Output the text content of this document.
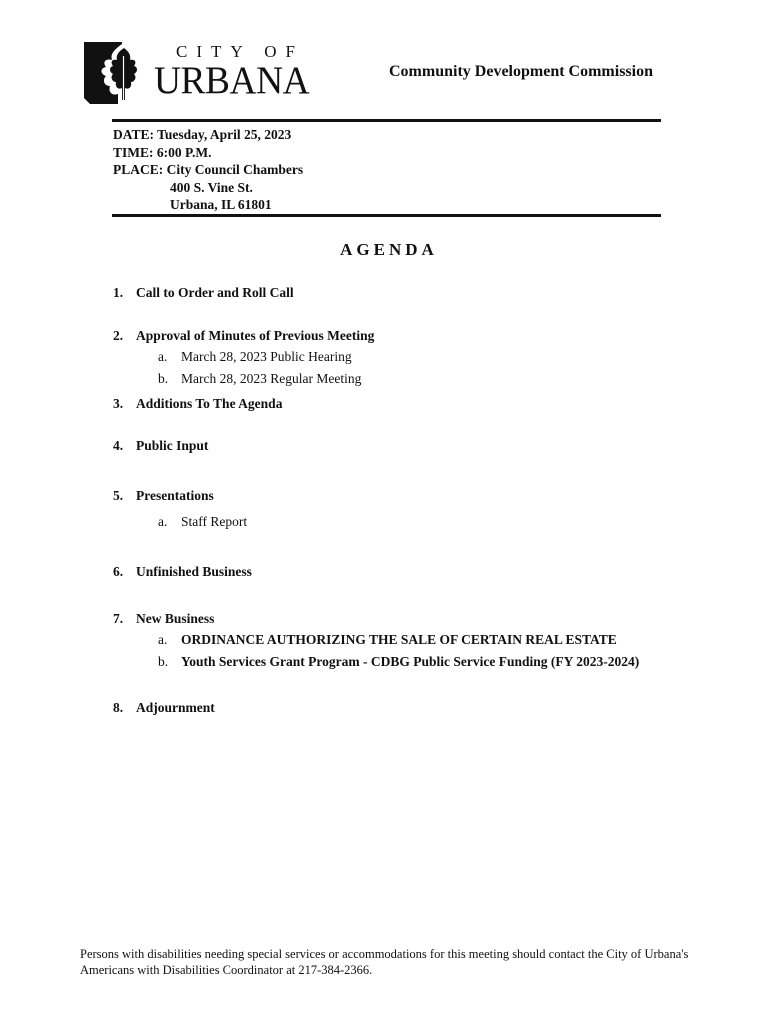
CITY OF
URBANA	Community Development Commission
DATE: Tuesday, April 25, 2023
TIME: 6:00 P.M.
PLACE: City Council Chambers
400 S. Vine St.
Urbana, IL 61801
AGENDA
1. Call to Order and Roll Call
2. Approval of Minutes of Previous Meeting
a. March 28, 2023 Public Hearing
b. March 28, 2023 Regular Meeting
3. Additions To The Agenda
4. Public Input
5. Presentations
a. Staff Report
6. Unfinished Business
7. New Business
a. ORDINANCE AUTHORIZING THE SALE OF CERTAIN REAL ESTATE
b. Youth Services Grant Program - CDBG Public Service Funding (FY 2023-2024)
8. Adjournment
Persons with disabilities needing special services or accommodations for this meeting should contact the City of Urbana's Americans with Disabilities Coordinator at 217-384-2366.
